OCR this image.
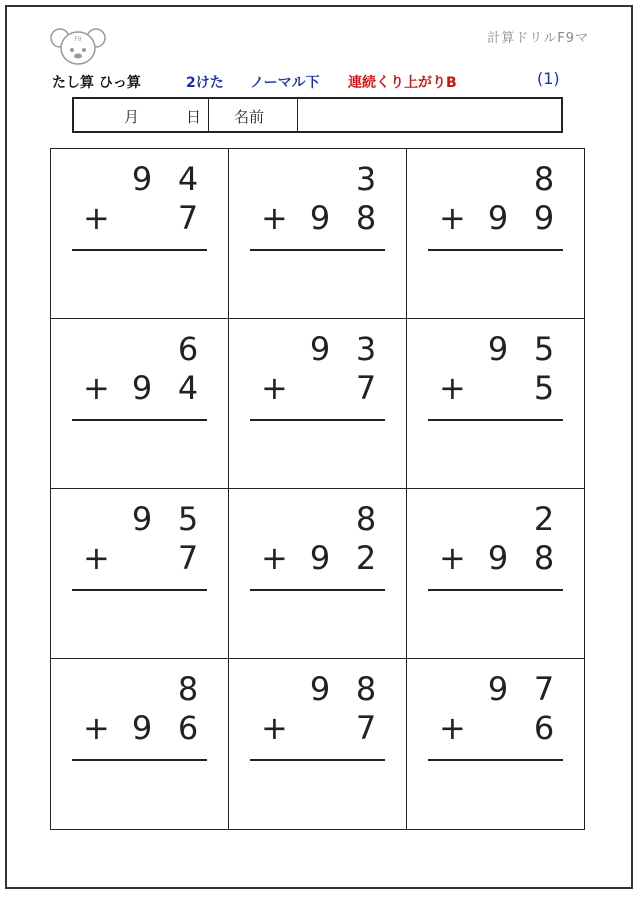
F9	計算ドリルF9マ
たし算 ひっ算	2けた ノーマル下 連続くり上がりB	(1)
月	日 名前
9 4
+ 7
3
+ 9 8
8
+ 9 9
6
+ 9 4
9 3
+ 7
9 5
+ 5
9 5
+ 7
8
+ 9 2
2
+ 9 8
8
+ 9 6
9 8
+ 7
9 7
+ 6
